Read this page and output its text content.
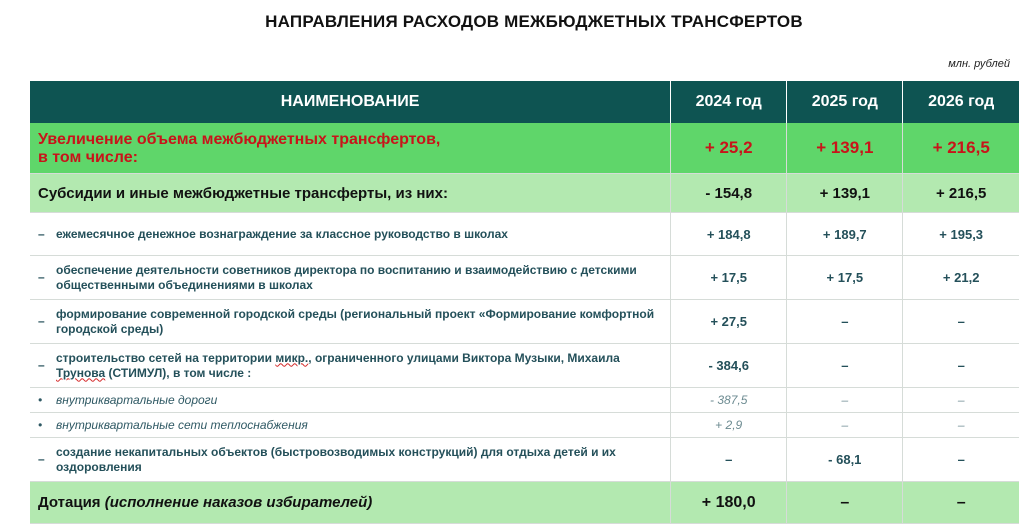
НАПРАВЛЕНИЯ РАСХОДОВ МЕЖБЮДЖЕТНЫХ ТРАНСФЕРТОВ
млн. рублей
НАИМЕНОВАНИЕ	2024 год	2025 год	2026 год

Увеличение объема межбюджетных трансфертов,
в том числе:	+ 25,2	+ 139,1	+ 216,5
Субсидии и иные межбюджетные трансферты, из них:	- 154,8	+ 139,1	+ 216,5

– ежемесячное денежное вознаграждение за классное руководство в школах	+ 184,8	+ 189,7	+ 195,3

–
обеспечение деятельности советников директора по воспитанию и взаимодействию с детскими общественными объединениями в школах	+ 17,5	+ 17,5	+ 21,2

–
формирование современной городской среды (региональный проект «Формирование комфортной городской среды)	+ 27,5	–	–

–
строительство сетей на территории микр., ограниченного улицами Виктора Музыки, Михаила Трунова (СТИМУЛ), в том числе :	- 384,6	–	–

• внутриквартальные дороги	- 387,5	–	–

• внутриквартальные сети теплоснабжения	+ 2,9	–	–

–
создание некапитальных объектов (быстровозводимых конструкций) для отдыха детей и их оздоровления	–	- 68,1	–
Дотация (исполнение наказов избирателей)	+ 180,0	–	–
